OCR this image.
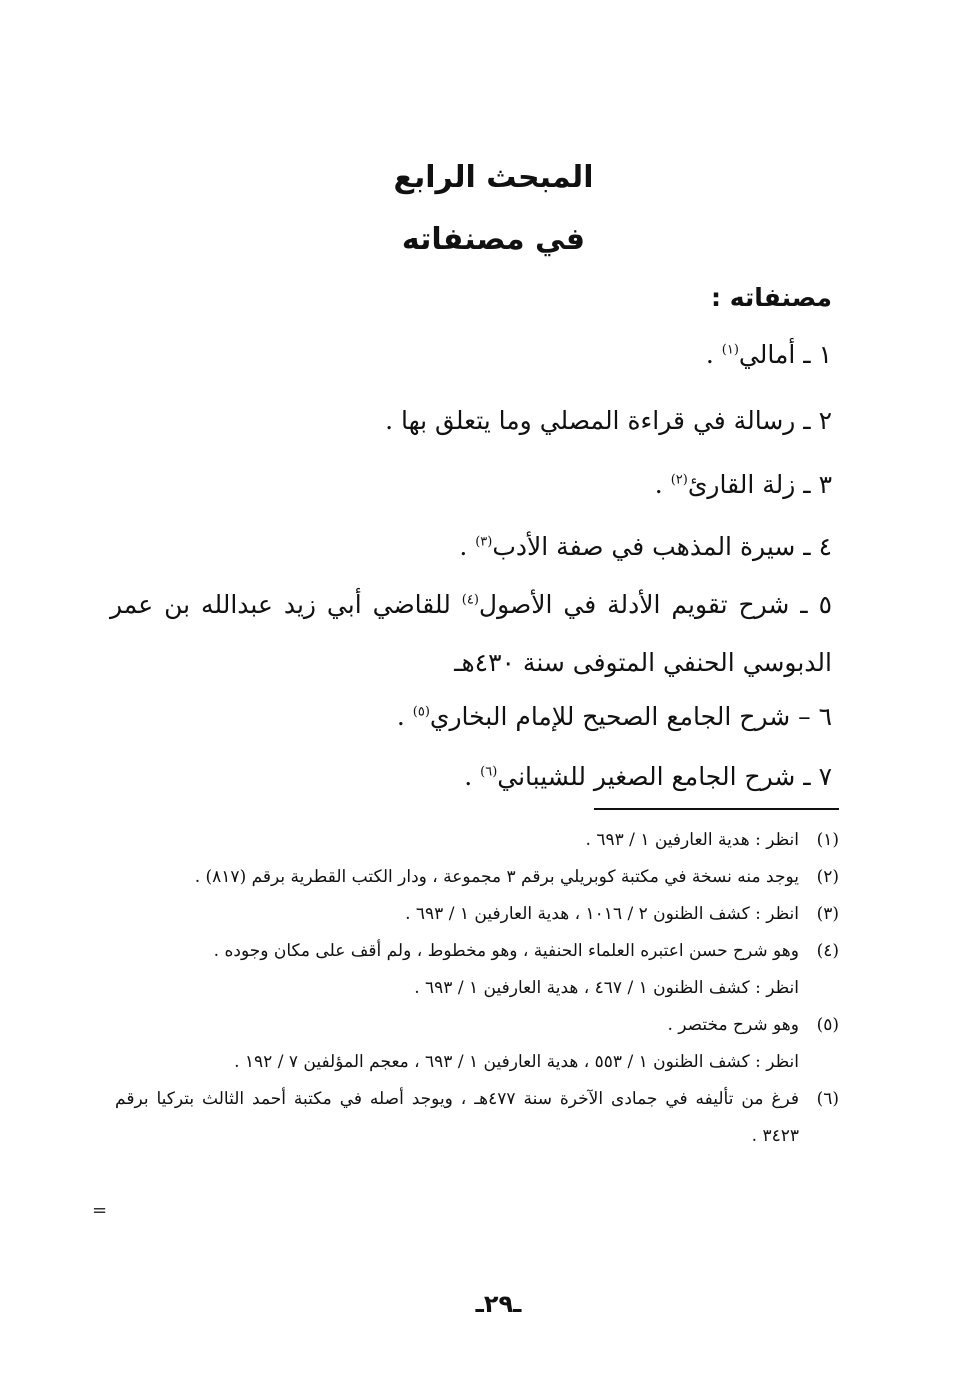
المبحث الرابع
في مصنفاته
مصنفاته :
١ ـ أمالي$^{(١)}$ .
٢ ـ رسالة في قراءة المصلي وما يتعلق بها .
٣ ـ زلة القارئ$^{(٢)}$ .
٤ ـ سيرة المذهب في صفة الأدب$^{(٣)}$ .
٥ ـ شرح تقويم الأدلة في الأصول$^{(٤)}$ للقاضي أبي زيد عبدالله بن عمر الدبوسي الحنفي المتوفى سنة ٤٣٠هـ
٦ – شرح الجامع الصحيح للإمام البخاري$^{(٥)}$ .
٧ ـ شرح الجامع الصغير للشيباني$^{(٦)}$ .
(١)
انظر : هدية العارفين ١ / ٦٩٣ .
(٢)
يوجد منه نسخة في مكتبة كوبريلي برقم ٣ مجموعة ، ودار الكتب القطرية برقم (٨١٧) .
(٣)
انظر : كشف الظنون ٢ / ١٠١٦ ، هدية العارفين ١ / ٦٩٣ .
(٤)
وهو شرح حسن اعتبره العلماء الحنفية ، وهو مخطوط ، ولم أقف على مكان وجوده .
انظر : كشف الظنون ١ / ٤٦٧ ، هدية العارفين ١ / ٦٩٣ .
(٥)
وهو شرح مختصر .
انظر : كشف الظنون ١ / ٥٥٣ ، هدية العارفين ١ / ٦٩٣ ، معجم المؤلفين ٧ / ١٩٢ .
(٦)
فرغ من تأليفه في جمادى الآخرة سنة ٤٧٧هـ ، ويوجد أصله في مكتبة أحمد الثالث بتركيا برقم ٣٤٢٣ .
=
ـ٢٩ـ
